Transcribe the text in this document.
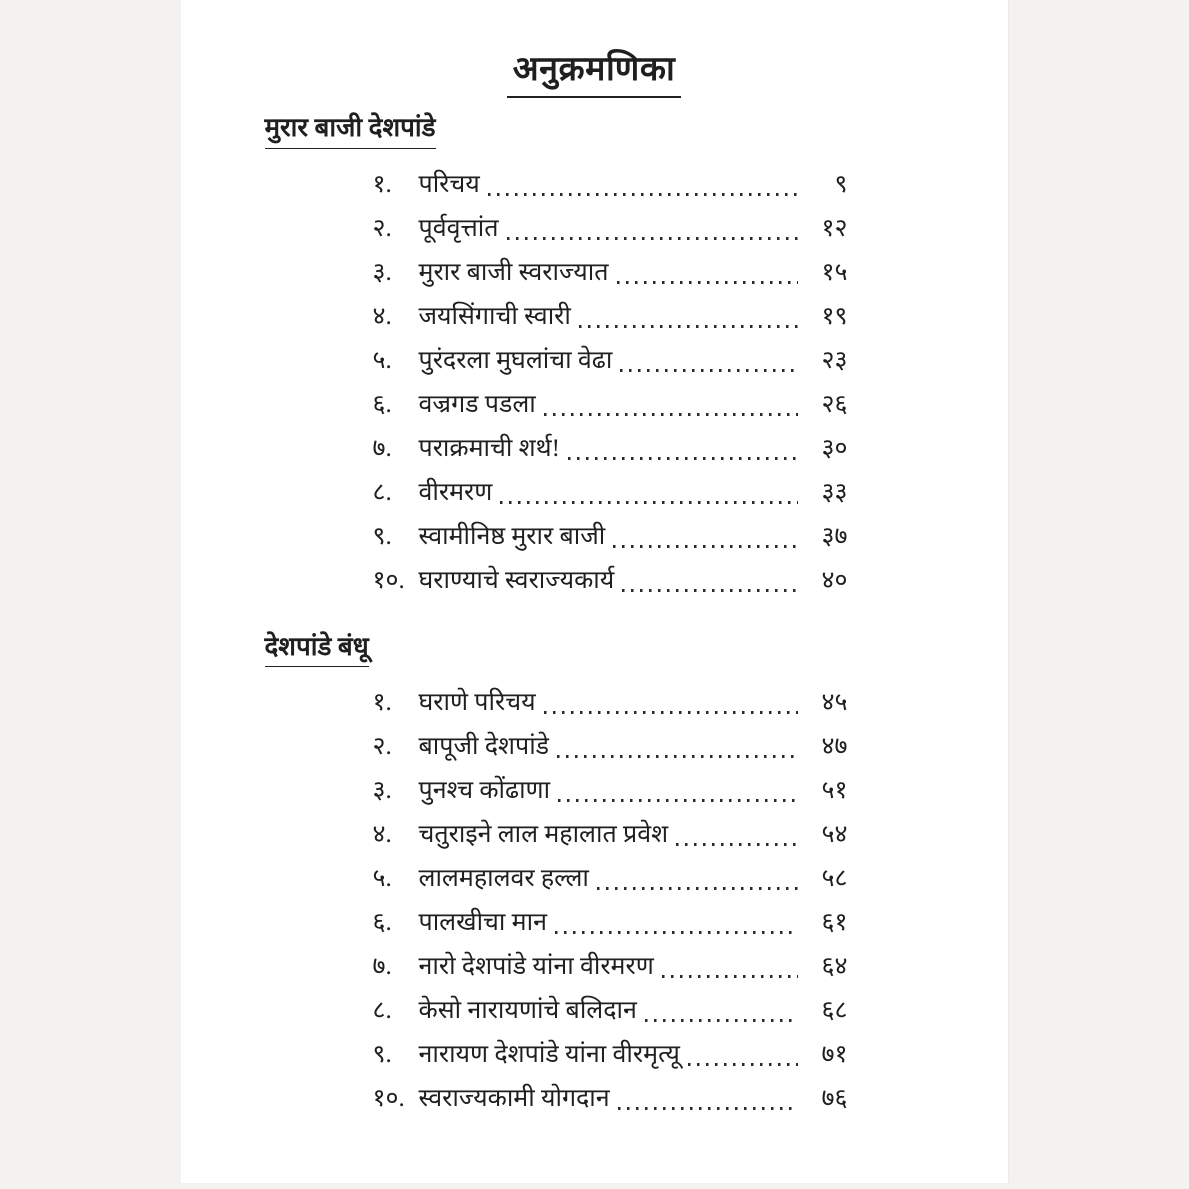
अनुक्रमणिका
मुरार बाजी देशपांडे
१.	परिचय	९
२.	पूर्ववृत्तांत	१२
३.	मुरार बाजी स्वराज्यात	१५
४.	जयसिंगाची स्वारी	१९
५.	पुरंदरला मुघलांचा वेढा	२३
६.	वज्रगड पडला	२६
७.	पराक्रमाची शर्थ!	३०
८.	वीरमरण	३३
९.	स्वामीनिष्ठ मुरार बाजी	३७
१०. घराण्याचे स्वराज्यकार्य	४०
देशपांडे बंधू
१.	घराणे परिचय	४५
२.	बापूजी देशपांडे	४७
३.	पुनश्च कोंढाणा	५१
४.	चतुराइने लाल महालात प्रवेश	५४
५.	लालमहालवर हल्ला	५८
६.	पालखीचा मान	६१
७.	नारो देशपांडे यांना वीरमरण	६४
८.	केसो नारायणांचे बलिदान	६८
९.	नारायण देशपांडे यांना वीरमृत्यू	७१
१०. स्वराज्यकामी योगदान	७६
